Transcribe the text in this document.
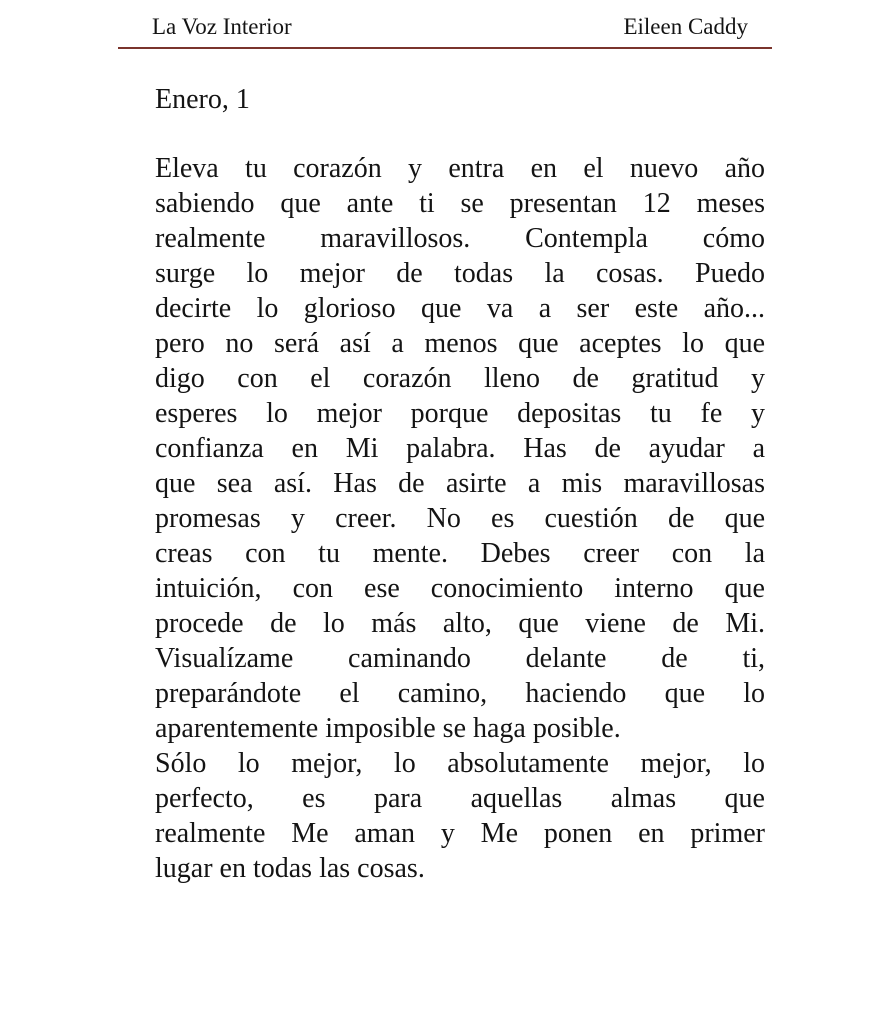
La Voz Interior	Eileen Caddy
Enero, 1
Eleva tu corazón y entra en el nuevo año
sabiendo que ante ti se presentan 12 meses
realmente maravillosos. Contempla cómo
surge lo mejor de todas la cosas. Puedo
decirte lo glorioso que va a ser este año...
pero no será así a menos que aceptes lo que
digo con el corazón lleno de gratitud y
esperes lo mejor porque depositas tu fe y
confianza en Mi palabra. Has de ayudar a
que sea así. Has de asirte a mis maravillosas
promesas y creer. No es cuestión de que
creas con tu mente. Debes creer con la
intuición, con ese conocimiento interno que
procede de lo más alto, que viene de Mi.
Visualízame caminando delante de ti,
preparándote el camino, haciendo que lo
aparentemente imposible se haga posible.
Sólo lo mejor, lo absolutamente mejor, lo
perfecto, es para aquellas almas que
realmente Me aman y Me ponen en primer
lugar en todas las cosas.
